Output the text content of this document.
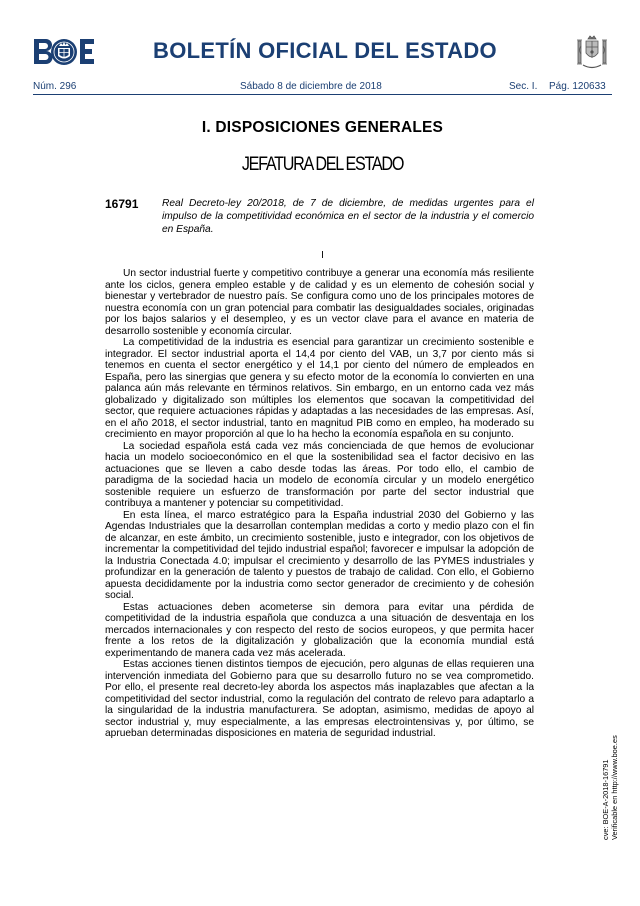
BOLETÍN OFICIAL DEL ESTADO
Núm. 296	Sábado 8 de diciembre de 2018	Sec. I. Pág. 120633
I. DISPOSICIONES GENERALES
JEFATURA DEL ESTADO
16791 Real Decreto-ley 20/2018, de 7 de diciembre, de medidas urgentes para el impulso de la competitividad económica en el sector de la industria y el comercio en España.
I

Un sector industrial fuerte y competitivo contribuye a generar una economía más resiliente ante los ciclos, genera empleo estable y de calidad y es un elemento de cohesión social y bienestar y vertebrador de nuestro país. Se configura como uno de los principales motores de nuestra economía con un gran potencial para combatir las desigualdades sociales, originadas por los bajos salarios y el desempleo, y es un vector clave para el avance en materia de desarrollo sostenible y economía circular.

La competitividad de la industria es esencial para garantizar un crecimiento sostenible e integrador. El sector industrial aporta el 14,4 por ciento del VAB, un 3,7 por ciento más si tenemos en cuenta el sector energético y el 14,1 por ciento del número de empleados en España, pero las sinergias que genera y su efecto motor de la economía lo convierten en una palanca aún más relevante en términos relativos. Sin embargo, en un entorno cada vez más globalizado y digitalizado son múltiples los elementos que socavan la competitividad del sector, que requiere actuaciones rápidas y adaptadas a las necesidades de las empresas. Así, en el año 2018, el sector industrial, tanto en magnitud PIB como en empleo, ha moderado su crecimiento en mayor proporción al que lo ha hecho la economía española en su conjunto.

La sociedad española está cada vez más concienciada de que hemos de evolucionar hacia un modelo socioeconómico en el que la sostenibilidad sea el factor decisivo en las actuaciones que se lleven a cabo desde todas las áreas. Por todo ello, el cambio de paradigma de la sociedad hacia un modelo de economía circular y un modelo energético sostenible requiere un esfuerzo de transformación por parte del sector industrial que contribuya a mantener y potenciar su competitividad.

En esta línea, el marco estratégico para la España industrial 2030 del Gobierno y las Agendas Industriales que la desarrollan contemplan medidas a corto y medio plazo con el fin de alcanzar, en este ámbito, un crecimiento sostenible, justo e integrador, con los objetivos de incrementar la competitividad del tejido industrial español; favorecer e impulsar la adopción de la Industria Conectada 4.0; impulsar el crecimiento y desarrollo de las PYMES industriales y profundizar en la generación de talento y puestos de trabajo de calidad. Con ello, el Gobierno apuesta decididamente por la industria como sector generador de crecimiento y de cohesión social.

Estas actuaciones deben acometerse sin demora para evitar una pérdida de competitividad de la industria española que conduzca a una situación de desventaja en los mercados internacionales y con respecto del resto de socios europeos, y que permita hacer frente a los retos de la digitalización y globalización que la economía mundial está experimentando de manera cada vez más acelerada.

Estas acciones tienen distintos tiempos de ejecución, pero algunas de ellas requieren una intervención inmediata del Gobierno para que su desarrollo futuro no se vea comprometido. Por ello, el presente real decreto-ley aborda los aspectos más inaplazables que afectan a la competitividad del sector industrial, como la regulación del contrato de relevo para adaptarlo a la singularidad de la industria manufacturera. Se adoptan, asimismo, medidas de apoyo al sector industrial y, muy especialmente, a las empresas electrointensivas y, por último, se aprueban determinadas disposiciones en materia de seguridad industrial.

cve: BOE-A-2018-16791 Verificable en http://www.boe.es
